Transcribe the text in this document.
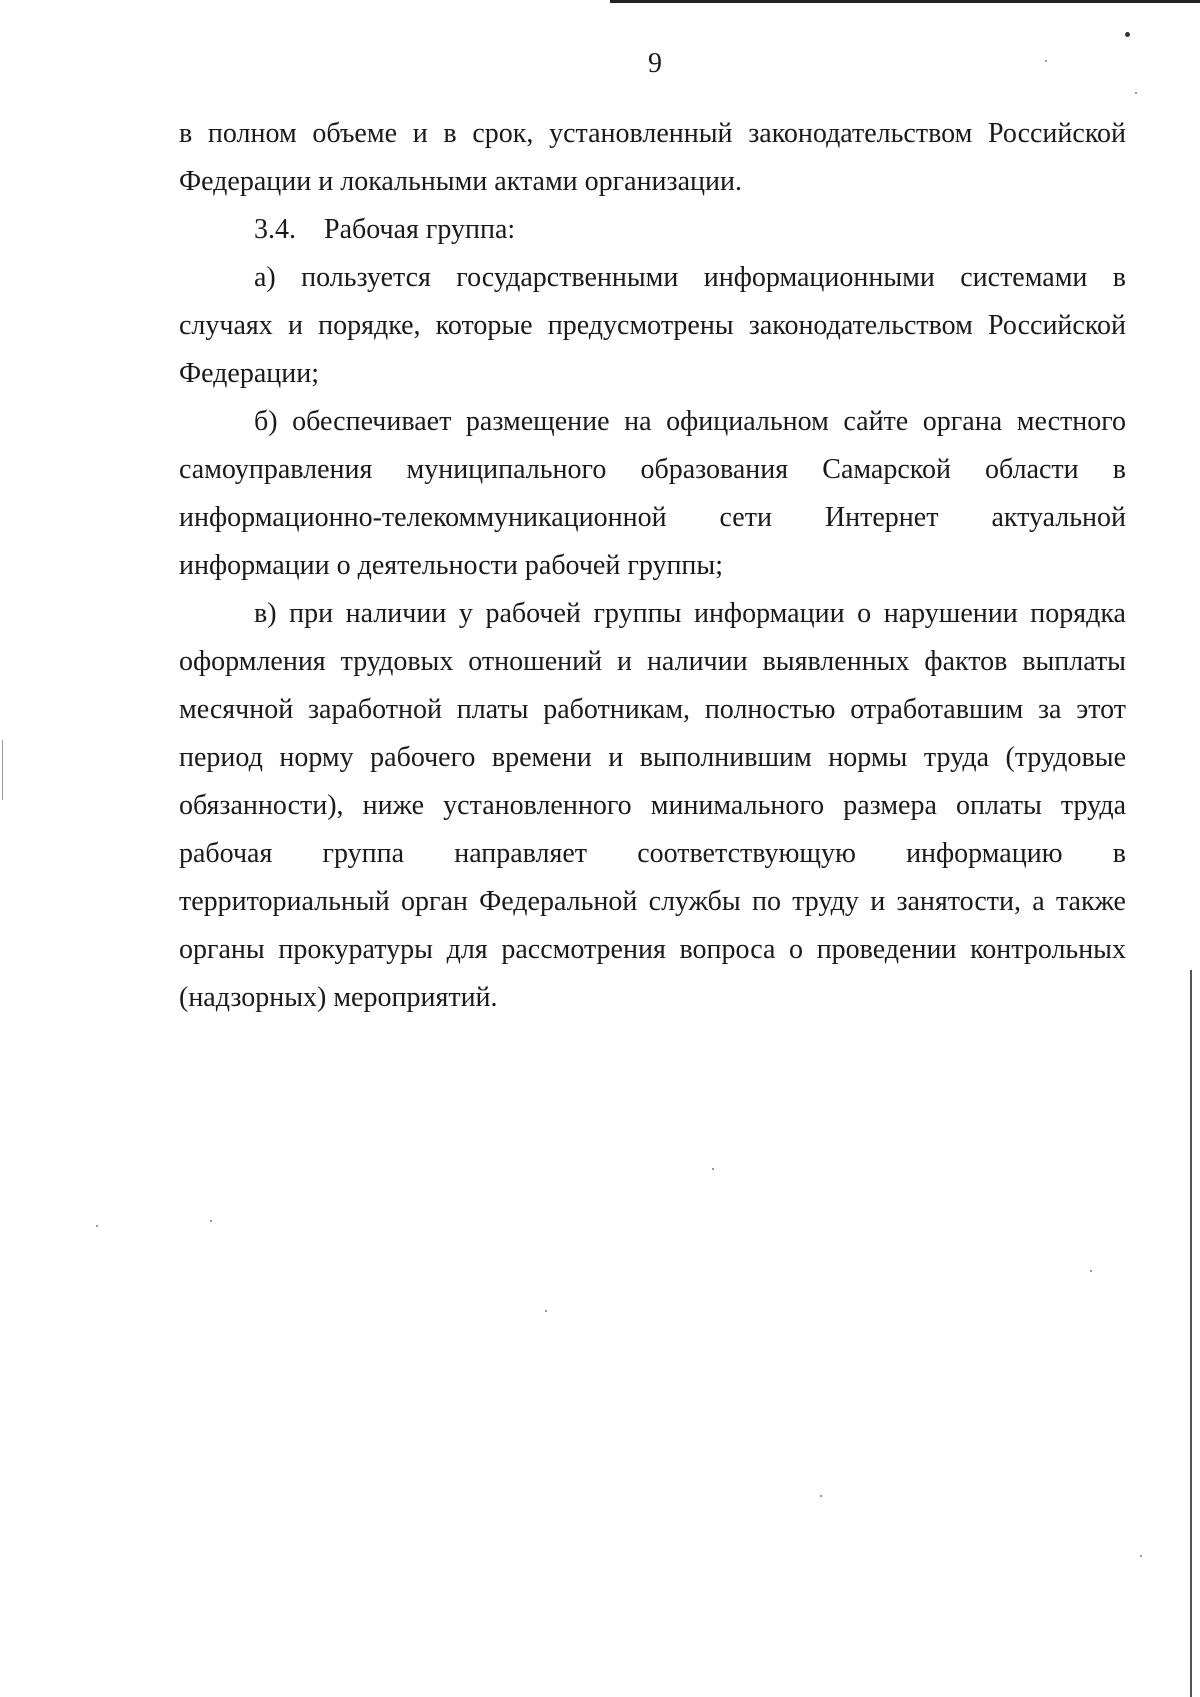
9

в полном объеме и в срок, установленный законодательством Российской Федерации и локальными актами организации.

3.4. Рабочая группа:

а) пользуется государственными информационными системами в случаях и порядке, которые предусмотрены законодательством Российской Федерации;

б) обеспечивает размещение на официальном сайте органа местного самоуправления муниципального образования Самарской области в информационно-телекоммуникационной сети Интернет актуальной информации о деятельности рабочей группы;

в) при наличии у рабочей группы информации о нарушении порядка оформления трудовых отношений и наличии выявленных фактов выплаты месячной заработной платы работникам, полностью отработавшим за этот период норму рабочего времени и выполнившим нормы труда (трудовые обязанности), ниже установленного минимального размера оплаты труда рабочая группа направляет соответствующую информацию в территориальный орган Федеральной службы по труду и занятости, а также органы прокуратуры для рассмотрения вопроса о проведении контрольных (надзорных) мероприятий.
